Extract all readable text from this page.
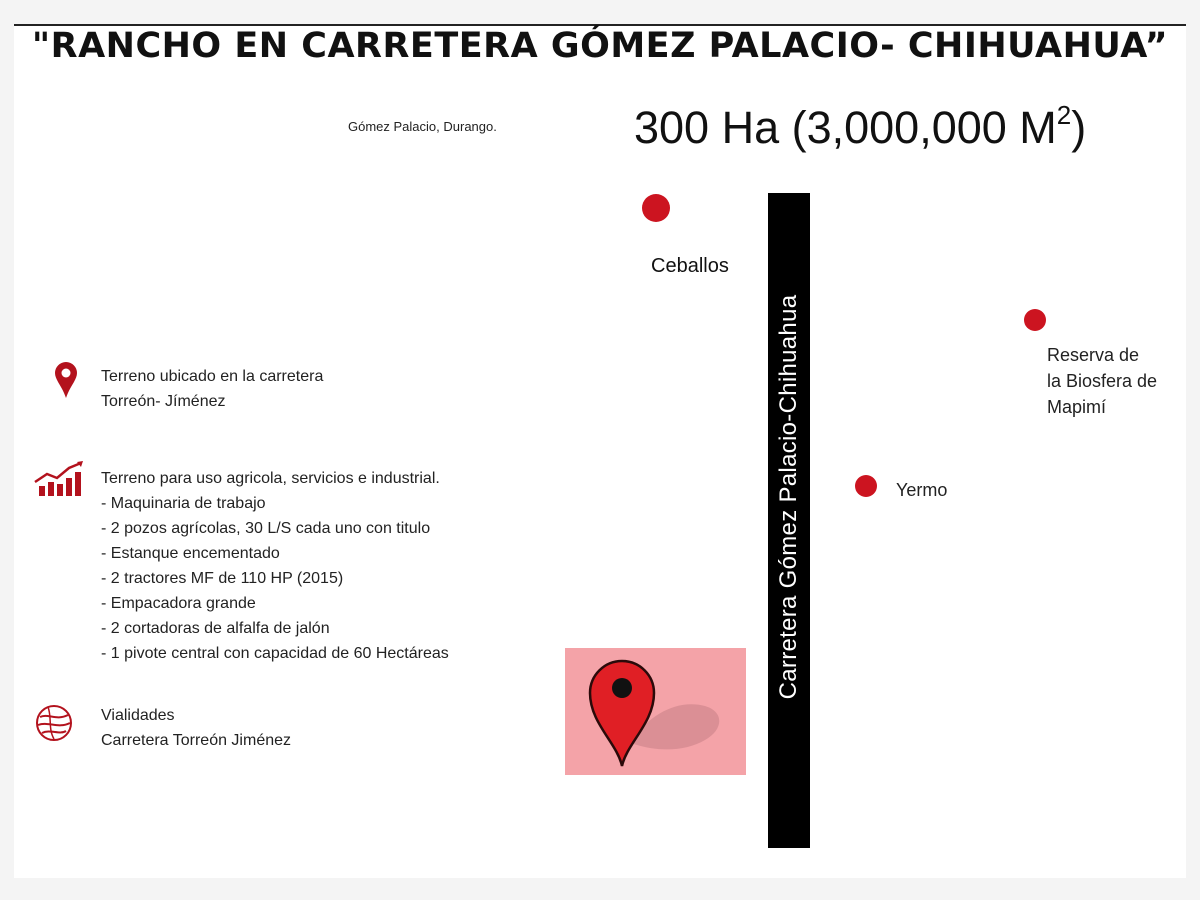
"RANCHO EN CARRETERA GÓMEZ PALACIO- CHIHUAHUA”
Gómez Palacio, Durango.	300 Ha (3,000,000 $M^2$)
Carretera Gómez Palacio-Chihuahua
Ceballos
Reserva de
la Biosfera de
Mapimí
Yermo
Terreno ubicado en la carretera
Torreón- Jíménez
Terreno para uso agricola, servicios e industrial.
- Maquinaria de trabajo
- 2 pozos agrícolas, 30 L/S cada uno con titulo
- Estanque encementado
- 2 tractores MF de 110 HP (2015)
- Empacadora grande
- 2 cortadoras de alfalfa de jalón
- 1 pivote central con capacidad de 60 Hectáreas
Vialidades
Carretera Torreón Jiménez
